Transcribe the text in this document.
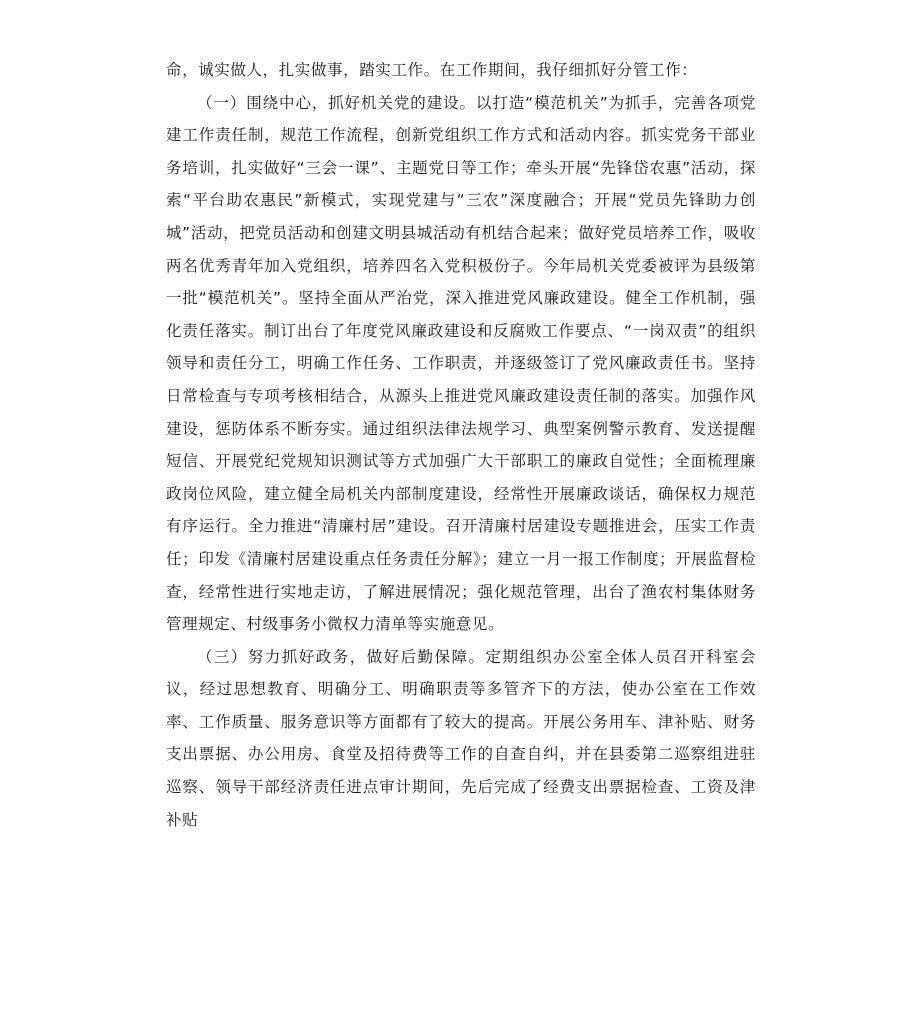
命，诚实做人，扎实做事，踏实工作。在工作期间，我仔细抓好分管工作：

（一）围绕中心，抓好机关党的建设。以打造“模范机关”为抓手，完善各项党建工作责任制，规范工作流程，创新党组织工作方式和活动内容。抓实党务干部业务培训，扎实做好“三会一课”、主题党日等工作；牵头开展“先锋岱农惠”活动，探索“平台助农惠民”新模式，实现党建与“三农”深度融合；开展“党员先锋助力创城”活动，把党员活动和创建文明县城活动有机结合起来；做好党员培养工作，吸收两名优秀青年加入党组织，培养四名入党积极份子。今年局机关党委被评为县级第一批“模范机关”。坚持全面从严治党，深入推进党风廉政建设。健全工作机制，强化责任落实。制订出台了年度党风廉政建设和反腐败工作要点、“一岗双责”的组织领导和责任分工，明确工作任务、工作职责，并逐级签订了党风廉政责任书。坚持日常检查与专项考核相结合，从源头上推进党风廉政建设责任制的落实。加强作风建设，惩防体系不断夯实。通过组织法律法规学习、典型案例警示教育、发送提醒短信、开展党纪党规知识测试等方式加强广大干部职工的廉政自觉性；全面梳理廉政岗位风险，建立健全局机关内部制度建设，经常性开展廉政谈话，确保权力规范有序运行。全力推进“清廉村居”建设。召开清廉村居建设专题推进会，压实工作责任；印发《清廉村居建设重点任务责任分解》；建立一月一报工作制度；开展监督检查，经常性进行实地走访，了解进展情况；强化规范管理，出台了渔农村集体财务管理规定、村级事务小微权力清单等实施意见。

（三）努力抓好政务，做好后勤保障。定期组织办公室全体人员召开科室会议，经过思想教育、明确分工、明确职责等多管齐下的方法，使办公室在工作效率、工作质量、服务意识等方面都有了较大的提高。开展公务用车、津补贴、财务支出票据、办公用房、食堂及招待费等工作的自查自纠，并在县委第二巡察组进驻巡察、领导干部经济责任进点审计期间，先后完成了经费支出票据检查、工资及津补贴
